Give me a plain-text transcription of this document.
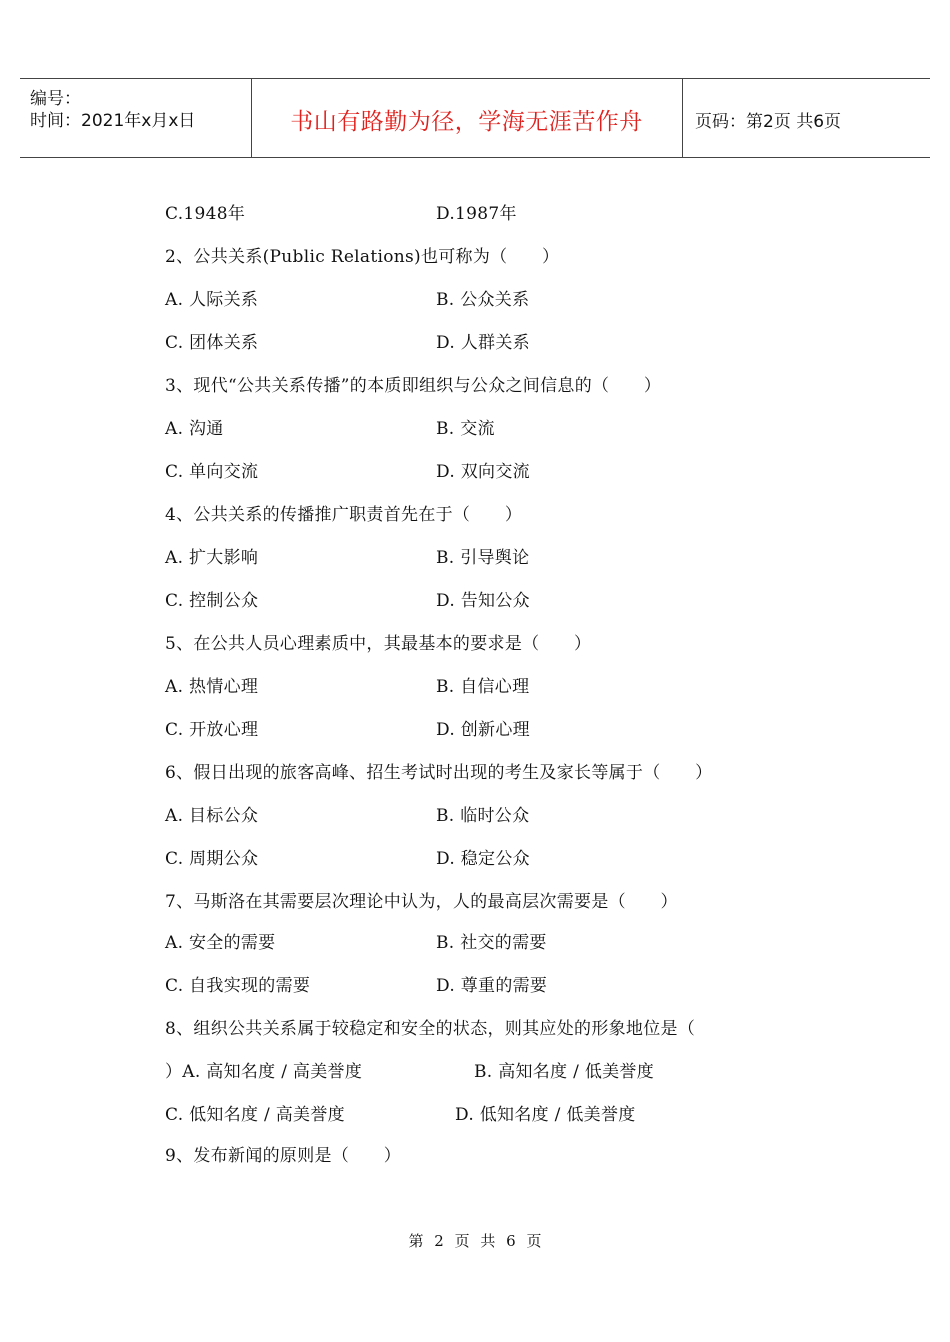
编号：
时间：2021年x月x日	书山有路勤为径，学海无涯苦作舟	页码：第2页 共6页
C.1948年	D.1987年
2、公共关系(Public Relations)也可称为（　　）
A. 人际关系	B. 公众关系
C. 团体关系	D. 人群关系
3、现代“公共关系传播”的本质即组织与公众之间信息的（　　）
A. 沟通	B. 交流
C. 单向交流	D. 双向交流
4、公共关系的传播推广职责首先在于（　　）
A. 扩大影响	B. 引导舆论
C. 控制公众	D. 告知公众
5、在公共人员心理素质中，其最基本的要求是（　　）
A. 热情心理	B. 自信心理
C. 开放心理	D. 创新心理
6、假日出现的旅客高峰、招生考试时出现的考生及家长等属于（　　）
A. 目标公众	B. 临时公众
C. 周期公众	D. 稳定公众
7、马斯洛在其需要层次理论中认为，人的最高层次需要是（　　）
A. 安全的需要	B. 社交的需要
C. 自我实现的需要	D. 尊重的需要
8、组织公共关系属于较稳定和安全的状态，则其应处的形象地位是（
）A. 高知名度 / 高美誉度	B. 高知名度 / 低美誉度
C. 低知名度 / 高美誉度	D. 低知名度 / 低美誉度
9、发布新闻的原则是（　　）
第 2 页 共 6 页
